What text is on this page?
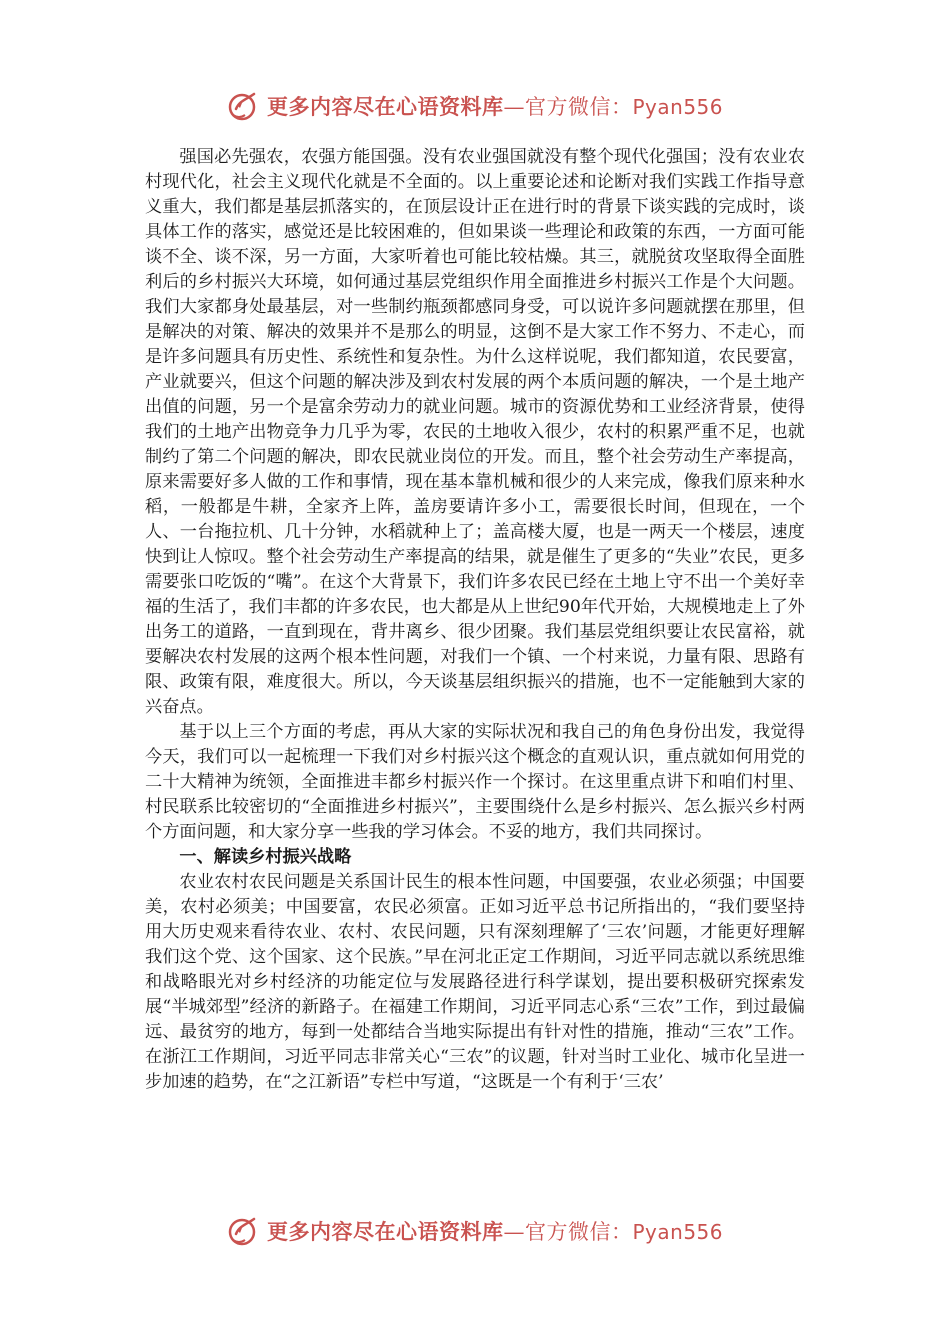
更多内容尽在心语资料库—官方微信：Pyan556

强国必先强农，农强方能国强。没有农业强国就没有整个现代化强国；没有农业农村现代化，社会主义现代化就是不全面的。以上重要论述和论断对我们实践工作指导意义重大，我们都是基层抓落实的，在顶层设计正在进行时的背景下谈实践的完成时，谈具体工作的落实，感觉还是比较困难的，但如果谈一些理论和政策的东西，一方面可能谈不全、谈不深，另一方面，大家听着也可能比较枯燥。其三，就脱贫攻坚取得全面胜利后的乡村振兴大环境，如何通过基层党组织作用全面推进乡村振兴工作是个大问题。我们大家都身处最基层，对一些制约瓶颈都感同身受，可以说许多问题就摆在那里，但是解决的对策、解决的效果并不是那么的明显，这倒不是大家工作不努力、不走心，而是许多问题具有历史性、系统性和复杂性。为什么这样说呢，我们都知道，农民要富，产业就要兴，但这个问题的解决涉及到农村发展的两个本质问题的解决，一个是土地产出值的问题，另一个是富余劳动力的就业问题。城市的资源优势和工业经济背景，使得我们的土地产出物竞争力几乎为零，农民的土地收入很少，农村的积累严重不足，也就制约了第二个问题的解决，即农民就业岗位的开发。而且，整个社会劳动生产率提高，原来需要好多人做的工作和事情，现在基本靠机械和很少的人来完成，像我们原来种水稻，一般都是牛耕，全家齐上阵，盖房要请许多小工，需要很长时间，但现在，一个人、一台拖拉机、几十分钟，水稻就种上了；盖高楼大厦，也是一两天一个楼层，速度快到让人惊叹。整个社会劳动生产率提高的结果，就是催生了更多的“失业”农民，更多需要张口吃饭的“嘴”。在这个大背景下，我们许多农民已经在土地上守不出一个美好幸福的生活了，我们丰都的许多农民，也大都是从上世纪90年代开始，大规模地走上了外出务工的道路，一直到现在，背井离乡、很少团聚。我们基层党组织要让农民富裕，就要解决农村发展的这两个根本性问题，对我们一个镇、一个村来说，力量有限、思路有限、政策有限，难度很大。所以，今天谈基层组织振兴的措施，也不一定能触到大家的兴奋点。

基于以上三个方面的考虑，再从大家的实际状况和我自己的角色身份出发，我觉得今天，我们可以一起梳理一下我们对乡村振兴这个概念的直观认识，重点就如何用党的二十大精神为统领，全面推进丰都乡村振兴作一个探讨。在这里重点讲下和咱们村里、村民联系比较密切的“全面推进乡村振兴”，主要围绕什么是乡村振兴、怎么振兴乡村两个方面问题，和大家分享一些我的学习体会。不妥的地方，我们共同探讨。

一、解读乡村振兴战略

农业农村农民问题是关系国计民生的根本性问题，中国要强，农业必须强；中国要美，农村必须美；中国要富，农民必须富。正如习近平总书记所指出的，“我们要坚持用大历史观来看待农业、农村、农民问题，只有深刻理解了‘三农’问题，才能更好理解我们这个党、这个国家、这个民族。”早在河北正定工作期间，习近平同志就以系统思维和战略眼光对乡村经济的功能定位与发展路径进行科学谋划，提出要积极研究探索发展“半城郊型”经济的新路子。在福建工作期间，习近平同志心系“三农”工作，到过最偏远、最贫穷的地方，每到一处都结合当地实际提出有针对性的措施，推动“三农”工作。在浙江工作期间，习近平同志非常关心“三农”的议题，针对当时工业化、城市化呈进一步加速的趋势，在“之江新语”专栏中写道，“这既是一个有利于‘三农’

更多内容尽在心语资料库—官方微信：Pyan556
